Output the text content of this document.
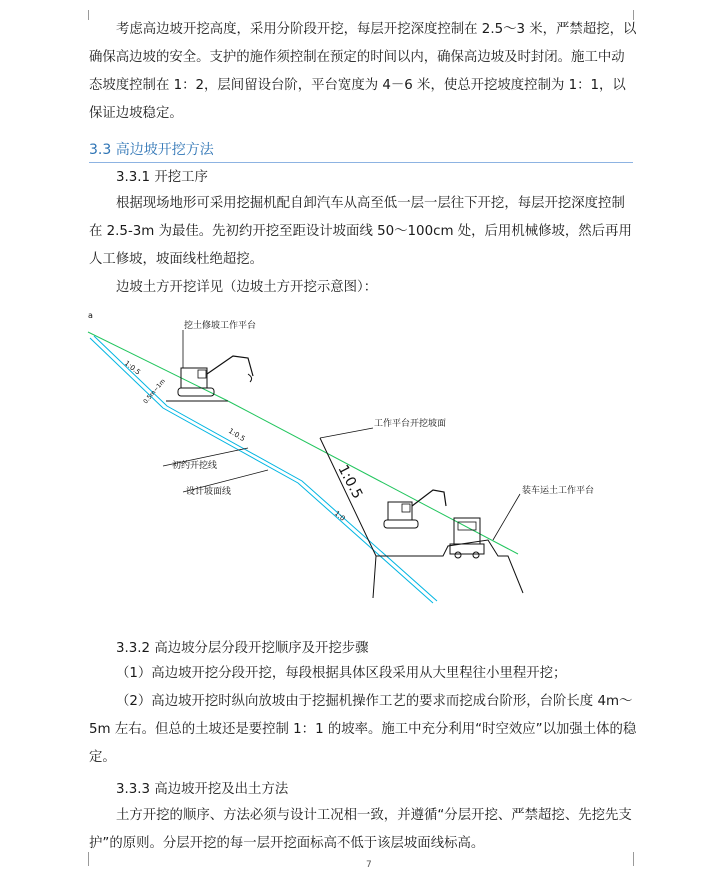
考虑高边坡开挖高度，采用分阶段开挖，每层开挖深度控制在 2.5～3 米，严禁超挖，以确保高边坡的安全。支护的施作须控制在预定的时间以内，确保高边坡及时封闭。施工中动态坡度控制在 1：2，层间留设台阶，平台宽度为 4－6 米，使总开挖坡度控制为 1：1，以保证边坡稳定。

3.3 高边坡开挖方法
3.3.1 开挖工序

根据现场地形可采用挖掘机配自卸汽车从高至低一层一层往下开挖，每层开挖深度控制在 2.5-3m 为最佳。先初约开挖至距设计坡面线 50～100cm 处，后用机械修坡，然后再用人工修坡，坡面线杜绝超挖。

边坡土方开挖详见（边坡土方开挖示意图）：
挖土修坡工作平台
工作平台开挖坡面
初约开挖线
设计坡面线	装车运土工作平台
1:0.5
1:0.5
1:0.5
1:0
0.5m~1m
a
3.3.2 高边坡分层分段开挖顺序及开挖步骤

（1）高边坡开挖分段开挖，每段根据具体区段采用从大里程往小里程开挖；

（2）高边坡开挖时纵向放坡由于挖掘机操作工艺的要求而挖成台阶形，台阶长度 4m～5m 左右。但总的土坡还是要控制 1：1 的坡率。施工中充分利用“时空效应”以加强土体的稳定。

3.3.3 高边坡开挖及出土方法

土方开挖的顺序、方法必须与设计工况相一致，并遵循“分层开挖、严禁超挖、先挖先支护”的原则。分层开挖的每一层开挖面标高不低于该层坡面线标高。

7
